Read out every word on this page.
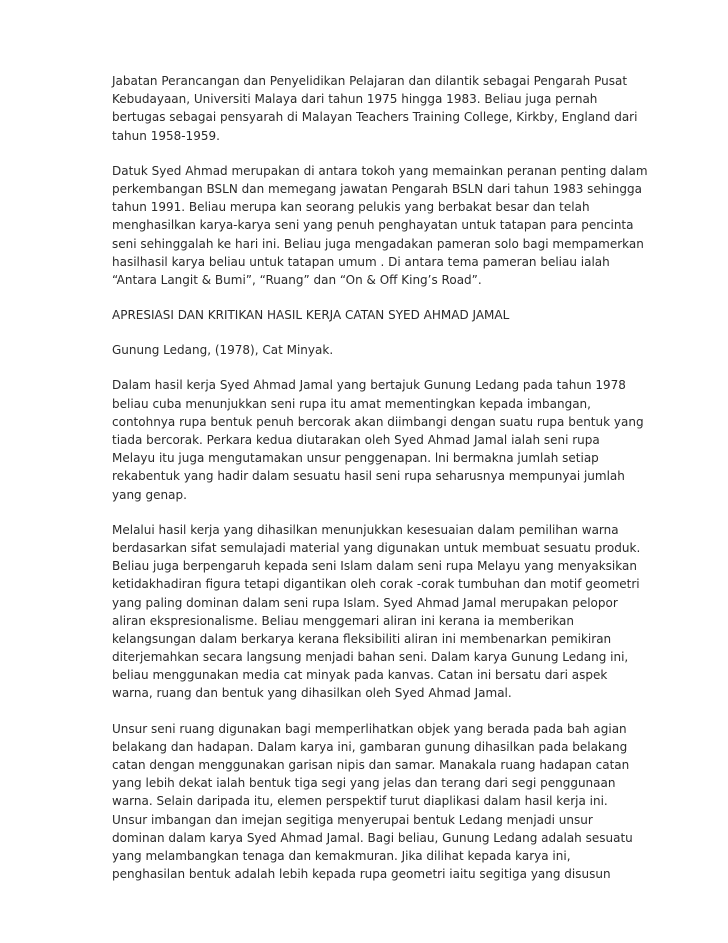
Jabatan Perancangan dan Penyelidikan Pelajaran dan dilantik sebagai Pengarah Pusat
Kebudayaan, Universiti Malaya dari tahun 1975 hingga 1983. Beliau juga pernah
bertugas sebagai pensyarah di Malayan Teachers Training College, Kirkby, England dari
tahun 1958-1959.

Datuk Syed Ahmad merupakan di antara tokoh yang memainkan peranan penting dalam
perkembangan BSLN dan memegang jawatan Pengarah BSLN dari tahun 1983 sehingga
tahun 1991. Beliau merupa kan seorang pelukis yang berbakat besar dan telah
menghasilkan karya-karya seni yang penuh penghayatan untuk tatapan para pencinta
seni sehinggalah ke hari ini. Beliau juga mengadakan pameran solo bagi mempamerkan
hasilhasil karya beliau untuk tatapan umum . Di antara tema pameran beliau ialah
“Antara Langit & Bumi”, “Ruang” dan “On & Off King’s Road”.

APRESIASI DAN KRITIKAN HASIL KERJA CATAN SYED AHMAD JAMAL

Gunung Ledang, (1978), Cat Minyak.

Dalam hasil kerja Syed Ahmad Jamal yang bertajuk Gunung Ledang pada tahun 1978
beliau cuba menunjukkan seni rupa itu amat mementingkan kepada imbangan,
contohnya rupa bentuk penuh bercorak akan diimbangi dengan suatu rupa bentuk yang
tiada bercorak. Perkara kedua diutarakan oleh Syed Ahmad Jamal ialah seni rupa
Melayu itu juga mengutamakan unsur penggenapan. lni bermakna jumlah setiap
rekabentuk yang hadir dalam sesuatu hasil seni rupa seharusnya mempunyai jumlah
yang genap.

Melalui hasil kerja yang dihasilkan menunjukkan kesesuaian dalam pemilihan warna
berdasarkan sifat semulajadi material yang digunakan untuk membuat sesuatu produk.
Beliau juga berpengaruh kepada seni Islam dalam seni rupa Melayu yang menyaksikan
ketidakhadiran figura tetapi digantikan oleh corak -corak tumbuhan dan motif geometri
yang paling dominan dalam seni rupa Islam. Syed Ahmad Jamal merupakan pelopor
aliran ekspresionalisme. Beliau menggemari aliran ini kerana ia memberikan
kelangsungan dalam berkarya kerana fleksibiliti aliran ini membenarkan pemikiran
diterjemahkan secara langsung menjadi bahan seni. Dalam karya Gunung Ledang ini,
beliau menggunakan media cat minyak pada kanvas. Catan ini bersatu dari aspek
warna, ruang dan bentuk yang dihasilkan oleh Syed Ahmad Jamal.

Unsur seni ruang digunakan bagi memperlihatkan objek yang berada pada bah agian
belakang dan hadapan. Dalam karya ini, gambaran gunung dihasilkan pada belakang
catan dengan menggunakan garisan nipis dan samar. Manakala ruang hadapan catan
yang lebih dekat ialah bentuk tiga segi yang jelas dan terang dari segi penggunaan
warna. Selain daripada itu, elemen perspektif turut diaplikasi dalam hasil kerja ini.
Unsur imbangan dan imejan segitiga menyerupai bentuk Ledang menjadi unsur
dominan dalam karya Syed Ahmad Jamal. Bagi beliau, Gunung Ledang adalah sesuatu
yang melambangkan tenaga dan kemakmuran. Jika dilihat kepada karya ini,
penghasilan bentuk adalah lebih kepada rupa geometri iaitu segitiga yang disusun
